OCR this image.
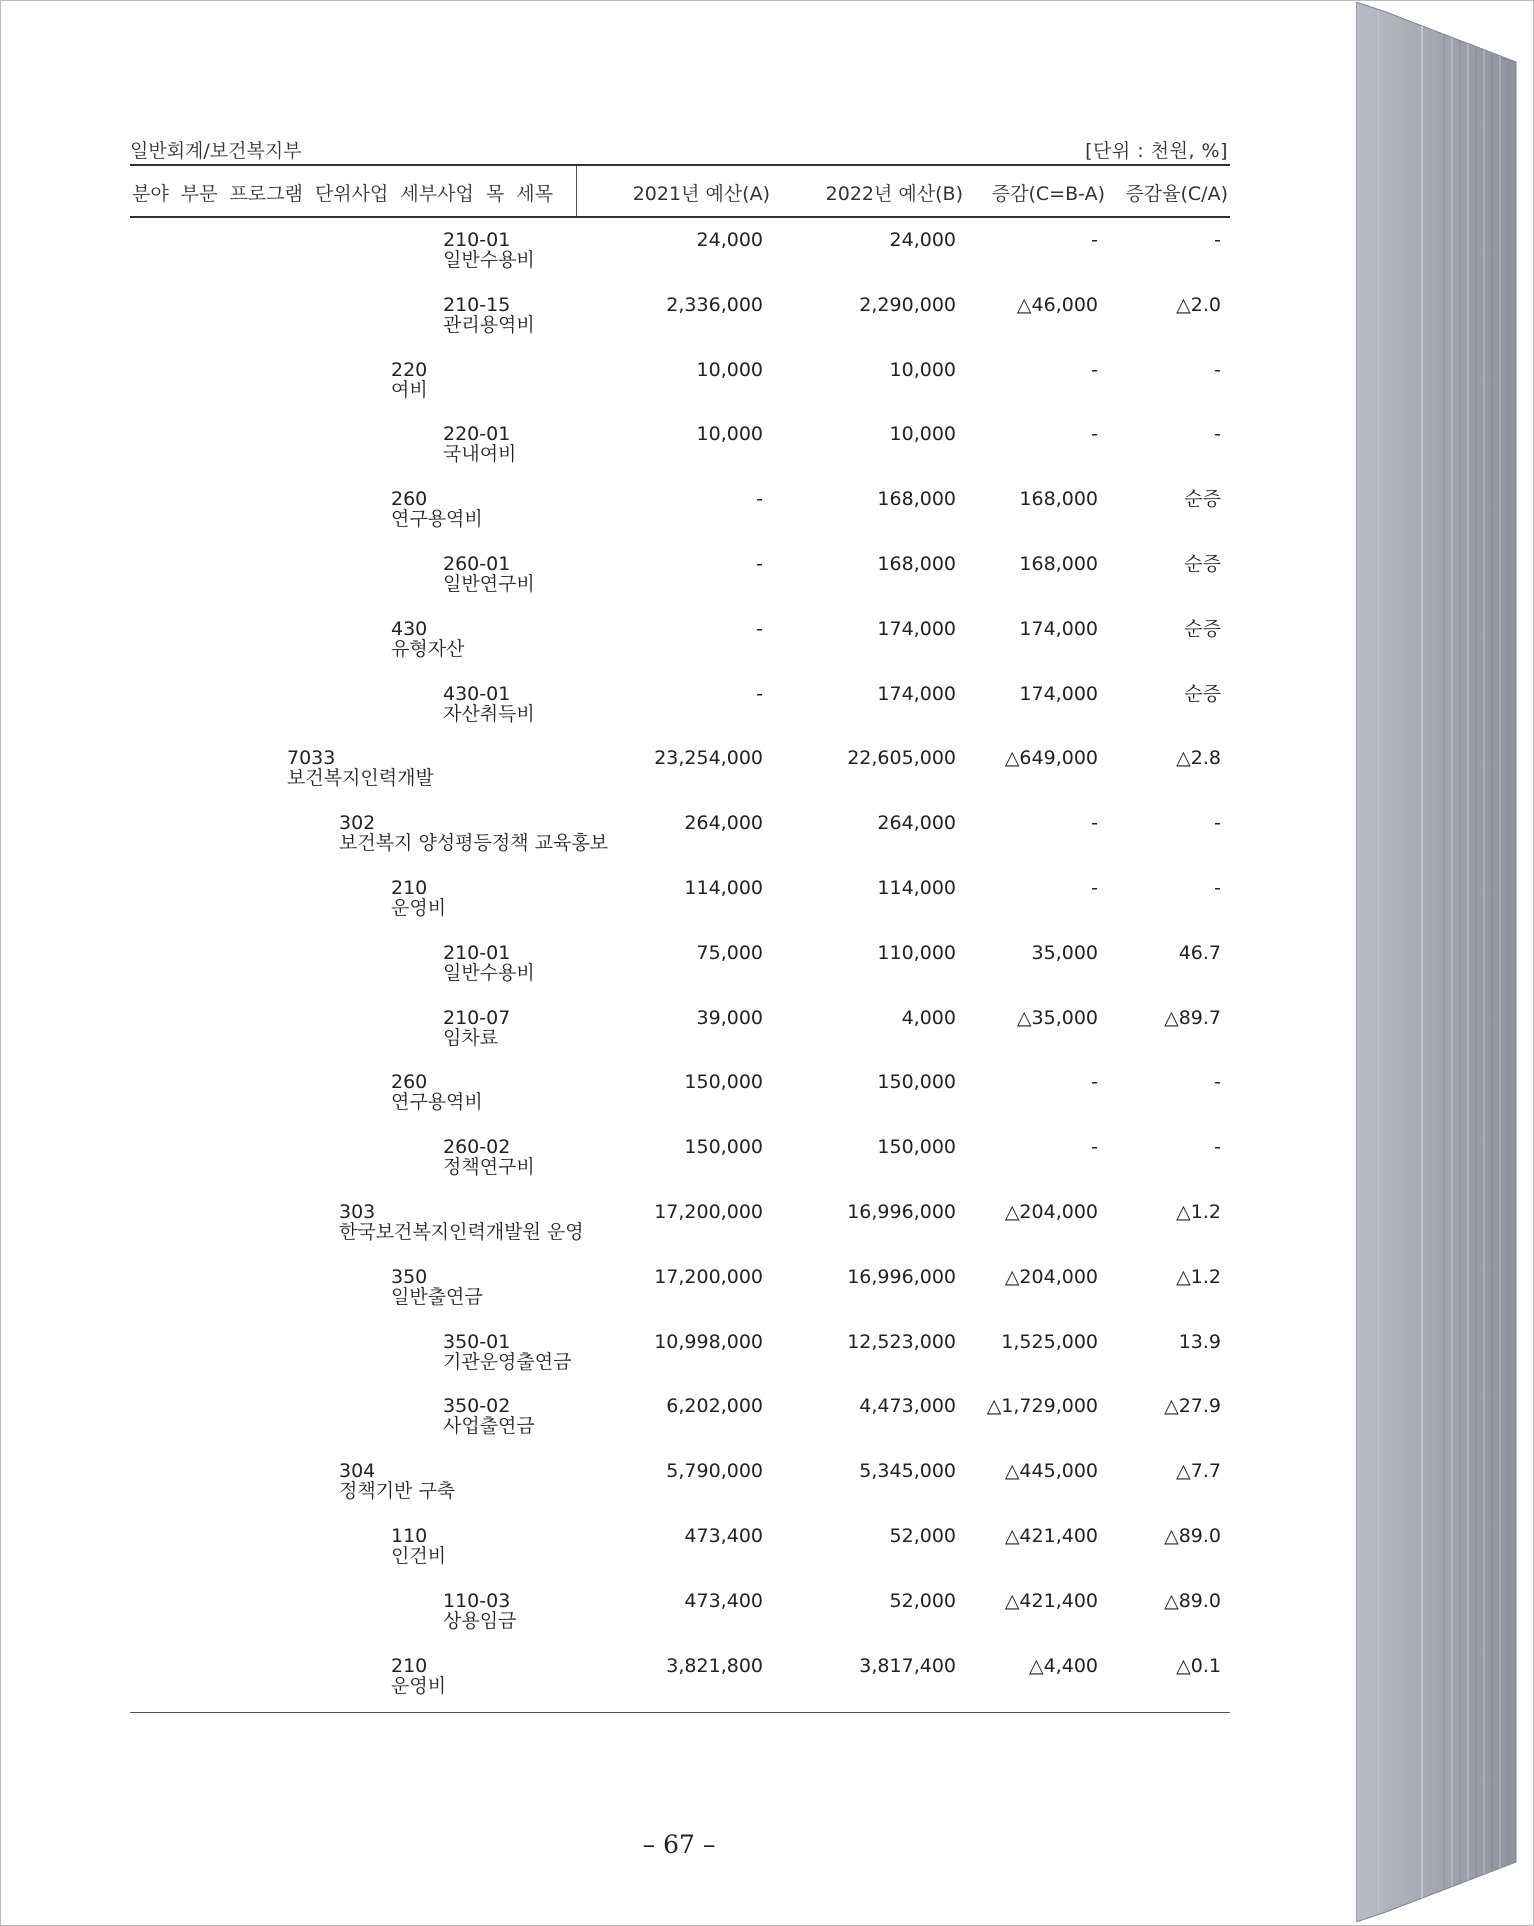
일반회계/보건복지부	[단위 : 천원, %]
분야 부문 프로그램 단위사업 세부사업 목 세목	2021년 예산(A)	2022년 예산(B)	증감(C=B-A)	증감율(C/A)
210-01
일반수용비
24,000	24,000	-	-
210-15
관리용역비
2,336,000	2,290,000	△46,000	△2.0
220
여비
10,000	10,000	-	-
220-01
국내여비
10,000	10,000	-	-
260
연구용역비
-	168,000	168,000	순증
260-01
일반연구비
-	168,000	168,000	순증
430
유형자산
-	174,000	174,000	순증
430-01
자산취득비
-	174,000	174,000	순증
7033
보건복지인력개발
23,254,000	22,605,000	△649,000	△2.8
302
보건복지 양성평등정책 교육홍보
264,000	264,000	-	-
210
운영비
114,000	114,000	-	-
210-01
일반수용비
75,000	110,000	35,000	46.7
210-07
임차료
39,000	4,000	△35,000	△89.7
260
연구용역비
150,000	150,000	-	-
260-02
정책연구비
150,000	150,000	-	-
303
한국보건복지인력개발원 운영
17,200,000	16,996,000	△204,000	△1.2
350
일반출연금
17,200,000	16,996,000	△204,000	△1.2
350-01
기관운영출연금
10,998,000	12,523,000	1,525,000	13.9
350-02
사업출연금
6,202,000	4,473,000	△1,729,000	△27.9
304
정책기반 구축
5,790,000	5,345,000	△445,000	△7.7
110
인건비
473,400	52,000	△421,400	△89.0
110-03
상용임금
473,400	52,000	△421,400	△89.0
210
운영비
3,821,800	3,817,400	△4,400	△0.1
– 67 –
